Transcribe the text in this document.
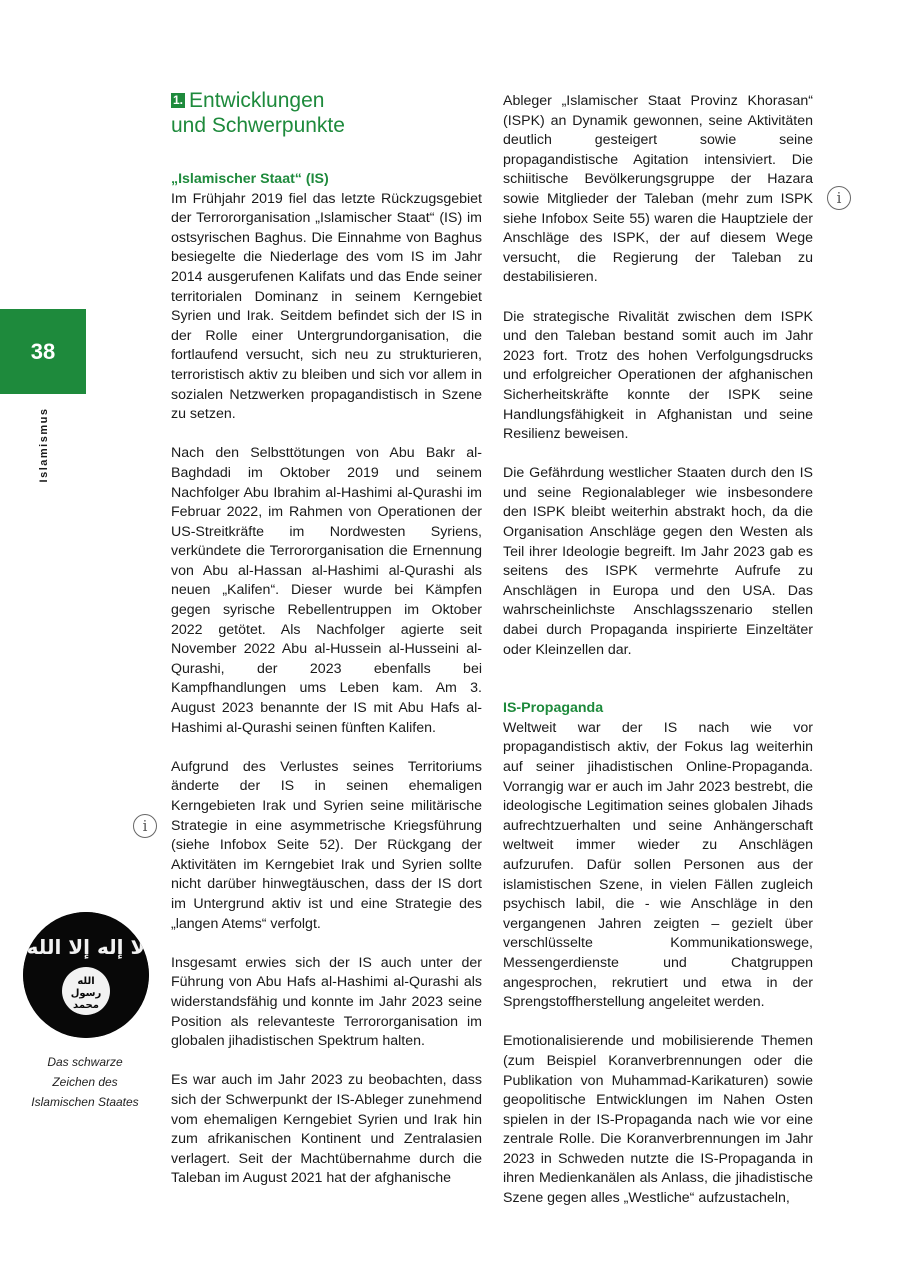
38
Islamismus
i
i
لا إله إلا الله
الله
رسول
محمد
Das schwarze
Zeichen des
Islamischen Staates
1. Entwicklungen
und Schwerpunkte
„Islamischer Staat“ (IS)

Im Frühjahr 2019 fiel das letzte Rückzugsgebiet der Terrororganisation „Islamischer Staat“ (IS) im ostsyrischen Baghus. Die Einnahme von Baghus besiegelte die Niederlage des vom IS im Jahr 2014 ausgerufenen Kalifats und das Ende seiner territorialen Dominanz in seinem Kerngebiet Syrien und Irak. Seitdem befindet sich der IS in der Rolle einer Untergrundorganisation, die fortlaufend versucht, sich neu zu strukturieren, terroristisch aktiv zu bleiben und sich vor allem in sozialen Netzwerken propagandistisch in Szene zu setzen.

Nach den Selbsttötungen von Abu Bakr al-Baghdadi im Oktober 2019 und seinem Nachfolger Abu Ibrahim al-Hashimi al-Qurashi im Februar 2022, im Rahmen von Operationen der US-Streitkräfte im Nordwesten Syriens, verkündete die Terrororganisation die Ernennung von Abu al-Hassan al-Hashimi al-Qurashi als neuen „Kalifen“. Dieser wurde bei Kämpfen gegen syrische Rebellentruppen im Oktober 2022 getötet. Als Nachfolger agierte seit November 2022 Abu al-Hussein al-Husseini al-Qurashi, der 2023 ebenfalls bei Kampfhandlungen ums Leben kam. Am 3. August 2023 benannte der IS mit Abu Hafs al-Hashimi al-Qurashi seinen fünften Kalifen.

Aufgrund des Verlustes seines Territoriums änderte der IS in seinen ehemaligen Kerngebieten Irak und Syrien seine militärische Strategie in eine asymmetrische Kriegsführung (siehe Infobox Seite 52). Der Rückgang der Aktivitäten im Kerngebiet Irak und Syrien sollte nicht darüber hinwegtäuschen, dass der IS dort im Untergrund aktiv ist und eine Strategie des „langen Atems“ verfolgt.

Insgesamt erwies sich der IS auch unter der Führung von Abu Hafs al-Hashimi al-Qurashi als widerstandsfähig und konnte im Jahr 2023 seine Position als relevanteste Terrororganisation im globalen jihadistischen Spektrum halten.

Es war auch im Jahr 2023 zu beobachten, dass sich der Schwerpunkt der IS-Ableger zunehmend vom ehemaligen Kerngebiet Syrien und Irak hin zum afrikanischen Kontinent und Zentralasien verlagert. Seit der Machtübernahme durch die Taleban im August 2021 hat der afghanische

Ableger „Islamischer Staat Provinz Khorasan“ (ISPK) an Dynamik gewonnen, seine Aktivitäten deutlich gesteigert sowie seine propagandistische Agitation intensiviert. Die schiitische Bevölkerungsgruppe der Hazara sowie Mitglieder der Taleban (mehr zum ISPK siehe Infobox Seite 55) waren die Hauptziele der Anschläge des ISPK, der auf diesem Wege versucht, die Regierung der Taleban zu destabilisieren.

Die strategische Rivalität zwischen dem ISPK und den Taleban bestand somit auch im Jahr 2023 fort. Trotz des hohen Verfolgungsdrucks und erfolgreicher Operationen der afghanischen Sicherheitskräfte konnte der ISPK seine Handlungsfähigkeit in Afghanistan und seine Resilienz beweisen.

Die Gefährdung westlicher Staaten durch den IS und seine Regionalableger wie insbesondere den ISPK bleibt weiterhin abstrakt hoch, da die Organisation Anschläge gegen den Westen als Teil ihrer Ideologie begreift. Im Jahr 2023 gab es seitens des ISPK vermehrte Aufrufe zu Anschlägen in Europa und den USA. Das wahrscheinlichste Anschlagsszenario stellen dabei durch Propaganda inspirierte Einzeltäter oder Kleinzellen dar.

IS-Propaganda

Weltweit war der IS nach wie vor propagandistisch aktiv, der Fokus lag weiterhin auf seiner jihadistischen Online-Propaganda. Vorrangig war er auch im Jahr 2023 bestrebt, die ideologische Legitimation seines globalen Jihads aufrechtzuerhalten und seine Anhängerschaft weltweit immer wieder zu Anschlägen aufzurufen. Dafür sollen Personen aus der islamistischen Szene, in vielen Fällen zugleich psychisch labil, die - wie Anschläge in den vergangenen Jahren zeigten – gezielt über verschlüsselte Kommunikationswege, Messengerdienste und Chatgruppen angesprochen, rekrutiert und etwa in der Sprengstoffherstellung angeleitet werden.

Emotionalisierende und mobilisierende Themen (zum Beispiel Koranverbrennungen oder die Publikation von Muhammad-Karikaturen) sowie geopolitische Entwicklungen im Nahen Osten spielen in der IS-Propaganda nach wie vor eine zentrale Rolle. Die Koranverbrennungen im Jahr 2023 in Schweden nutzte die IS-Propaganda in ihren Medienkanälen als Anlass, die jihadistische Szene gegen alles „Westliche“ aufzustacheln,
